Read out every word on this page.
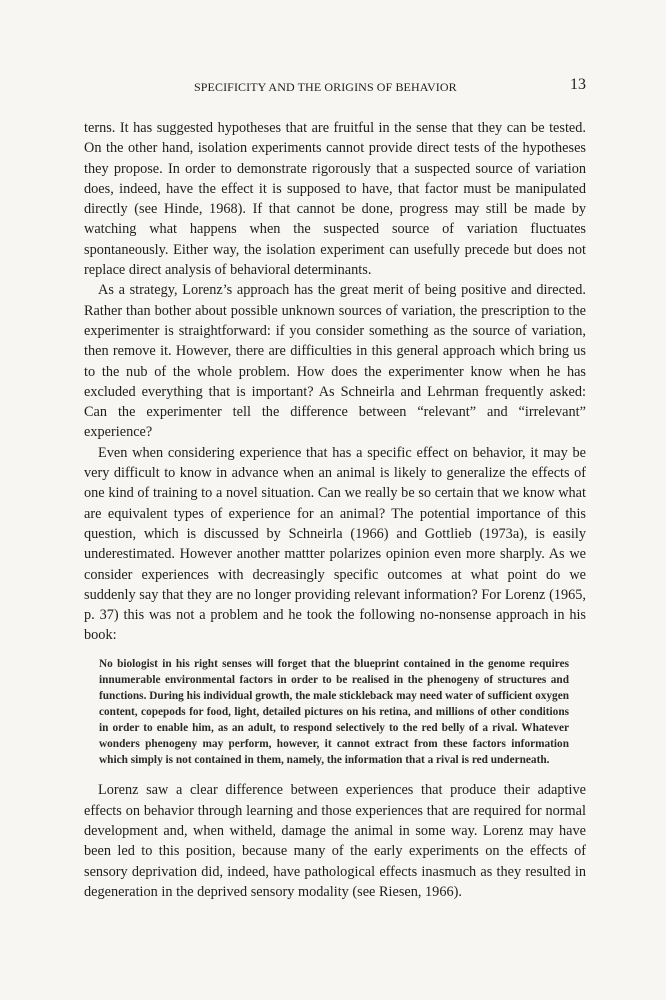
SPECIFICITY AND THE ORIGINS OF BEHAVIOR	13

terns. It has suggested hypotheses that are fruitful in the sense that they can be tested. On the other hand, isolation experiments cannot provide direct tests of the hypotheses they propose. In order to demonstrate rigorously that a suspected source of variation does, indeed, have the effect it is supposed to have, that factor must be manipulated directly (see Hinde, 1968). If that cannot be done, progress may still be made by watching what happens when the suspected source of variation fluctuates spontaneously. Either way, the isolation experiment can usefully precede but does not replace direct analysis of behavioral determinants.

As a strategy, Lorenz’s approach has the great merit of being positive and directed. Rather than bother about possible unknown sources of variation, the prescription to the experimenter is straightforward: if you consider something as the source of variation, then remove it. However, there are difficulties in this general approach which bring us to the nub of the whole problem. How does the experimenter know when he has excluded everything that is important? As Schneirla and Lehrman frequently asked: Can the experimenter tell the difference between “relevant” and “irrelevant” experience?

Even when considering experience that has a specific effect on behavior, it may be very difficult to know in advance when an animal is likely to generalize the effects of one kind of training to a novel situation. Can we really be so certain that we know what are equivalent types of experience for an animal? The potential importance of this question, which is discussed by Schneirla (1966) and Gottlieb (1973a), is easily underestimated. However another mattter polarizes opinion even more sharply. As we consider experiences with decreasingly specific outcomes at what point do we suddenly say that they are no longer providing relevant information? For Lorenz (1965, p. 37) this was not a problem and he took the following no-nonsense approach in his book:

No biologist in his right senses will forget that the blueprint contained in the genome requires innumerable environmental factors in order to be realised in the phenogeny of structures and functions. During his individual growth, the male stickleback may need water of sufficient oxygen content, copepods for food, light, detailed pictures on his retina, and millions of other conditions in order to enable him, as an adult, to respond selectively to the red belly of a rival. Whatever wonders phenogeny may perform, however, it cannot extract from these factors information which simply is not contained in them, namely, the information that a rival is red underneath.

Lorenz saw a clear difference between experiences that produce their adaptive effects on behavior through learning and those experiences that are required for normal development and, when witheld, damage the animal in some way. Lorenz may have been led to this position, because many of the early experiments on the effects of sensory deprivation did, indeed, have pathological effects inasmuch as they resulted in degeneration in the deprived sensory modality (see Riesen, 1966).
